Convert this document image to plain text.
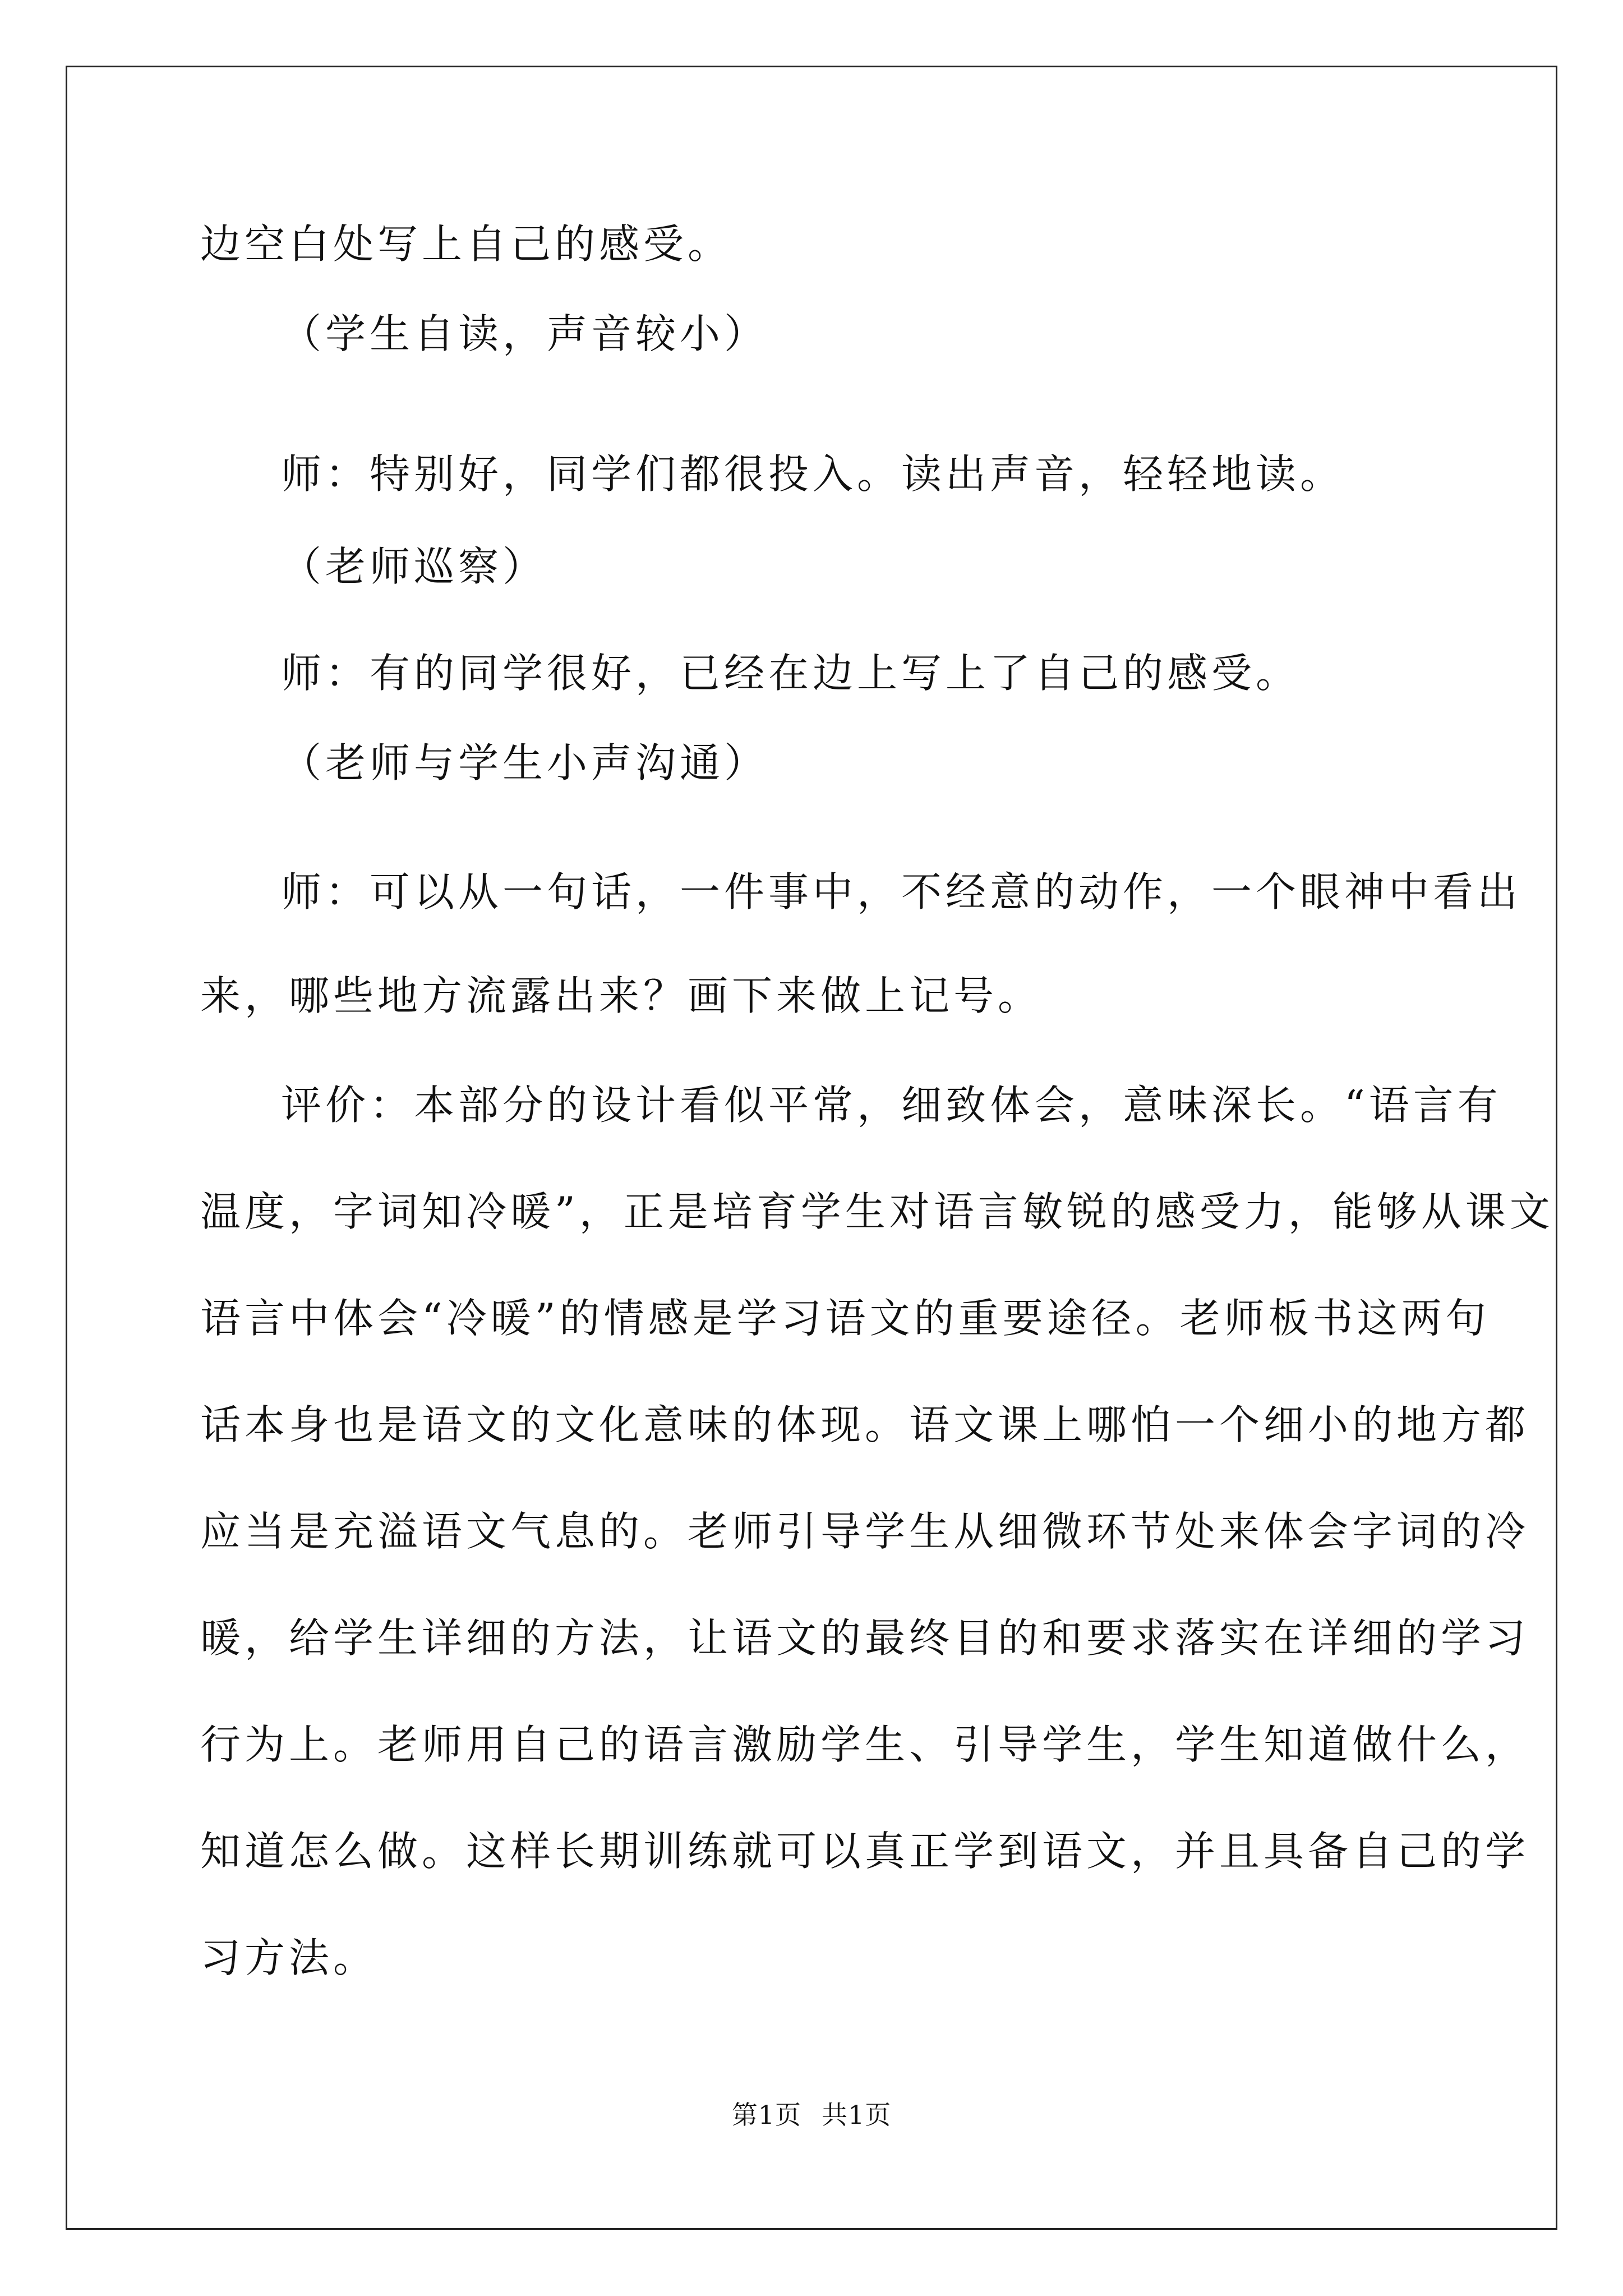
边空白处写上自己的感受。
（学生自读，声音较小）
师：特别好，同学们都很投入。读出声音，轻轻地读。
（老师巡察）
师：有的同学很好，已经在边上写上了自己的感受。
（老师与学生小声沟通）
师：可以从一句话，一件事中，不经意的动作，一个眼神中看出
来，哪些地方流露出来？画下来做上记号。
评价：本部分的设计看似平常，细致体会，意味深长。“语言有
温度，字词知冷暖”，正是培育学生对语言敏锐的感受力，能够从课文
语言中体会“冷暖”的情感是学习语文的重要途径。老师板书这两句
话本身也是语文的文化意味的体现。语文课上哪怕一个细小的地方都
应当是充溢语文气息的。老师引导学生从细微环节处来体会字词的冷
暖，给学生详细的方法，让语文的最终目的和要求落实在详细的学习
行为上。老师用自己的语言激励学生、引导学生，学生知道做什么，
知道怎么做。这样长期训练就可以真正学到语文，并且具备自己的学
习方法。
第1页 共1页
